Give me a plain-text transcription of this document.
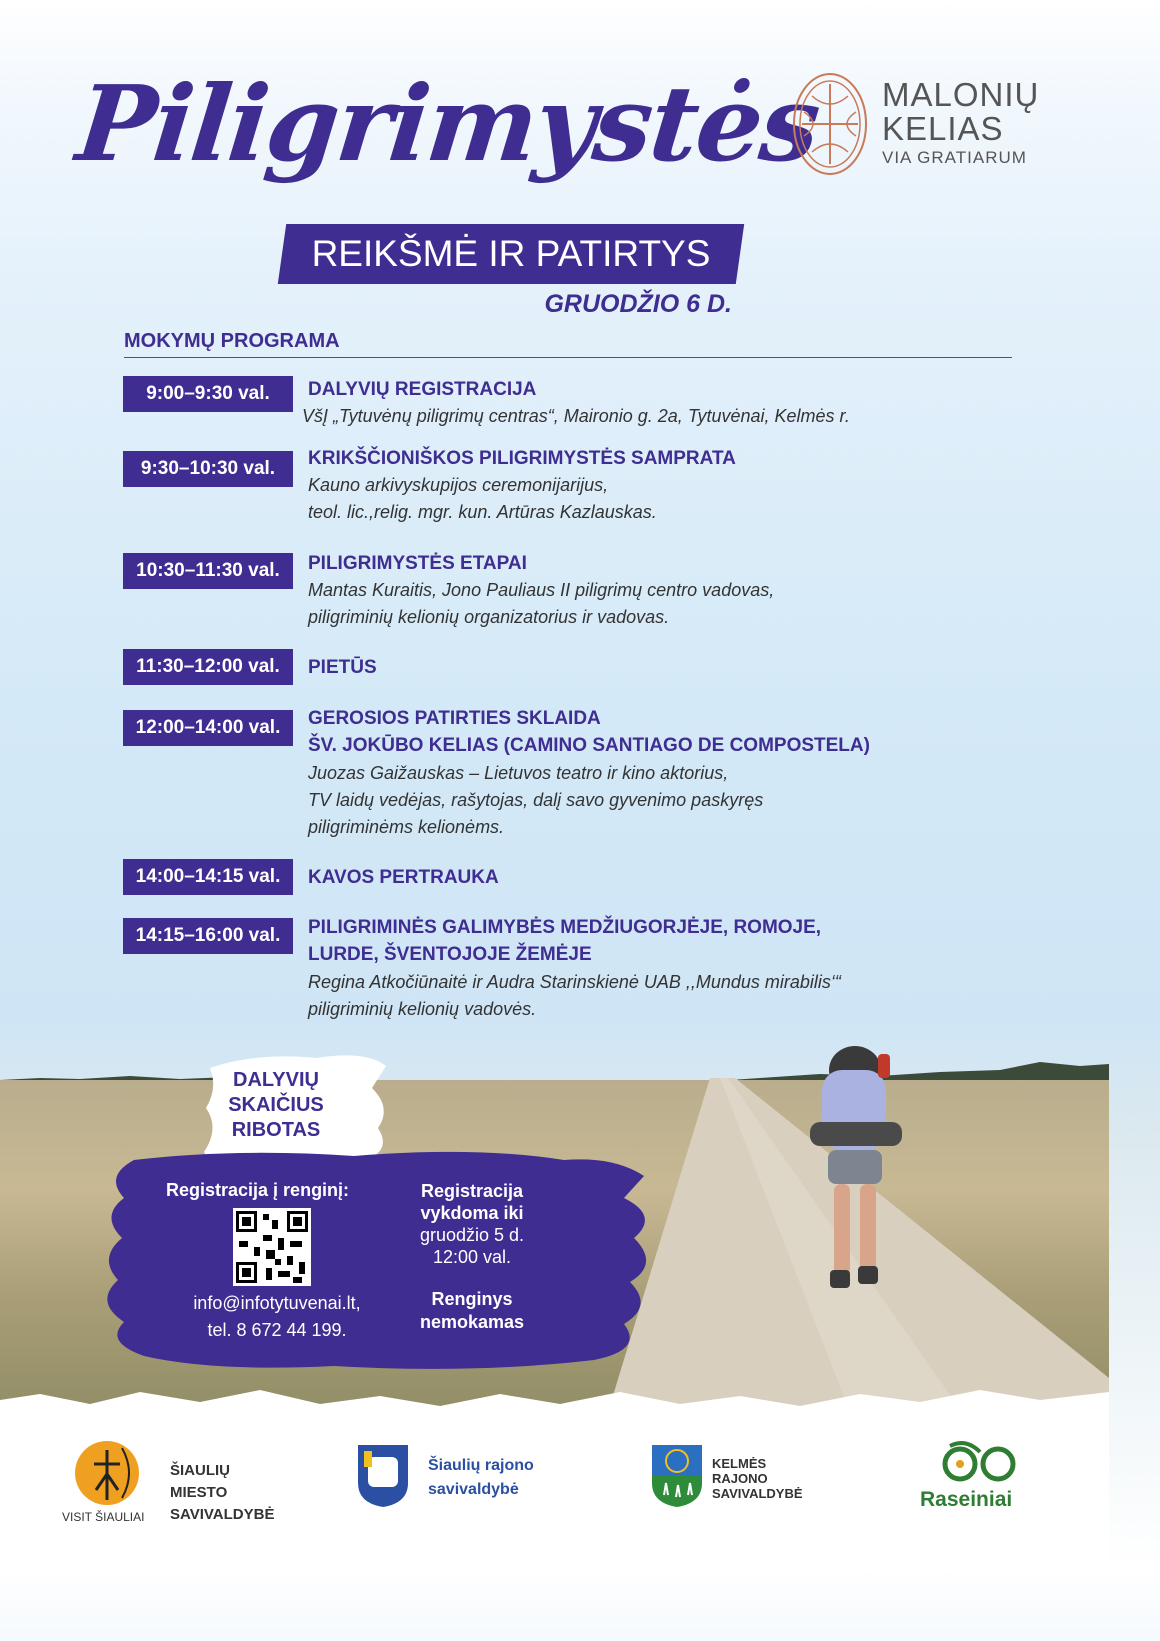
Piligrimystės
REIKŠMĖ IR PATIRTYS
GRUODŽIO 6 D.
MALONIŲ
KELIAS
VIA GRATIARUM
MOKYMŲ PROGRAMA
9:00–9:30 val.	DALYVIŲ REGISTRACIJA
VšĮ „Tytuvėnų piligrimų centras“, Maironio g. 2a, Tytuvėnai, Kelmės r.
9:30–10:30 val.	KRIKŠČIONIŠKOS PILIGRIMYSTĖS SAMPRATA
Kauno arkivyskupijos ceremonijarijus,
teol. lic.,relig. mgr. kun. Artūras Kazlauskas.
10:30–11:30 val.	PILIGRIMYSTĖS ETAPAI
Mantas Kuraitis, Jono Pauliaus II piligrimų centro vadovas,
piligriminių kelionių organizatorius ir vadovas.
11:30–12:00 val.	PIETŪS
12:00–14:00 val.	GEROSIOS PATIRTIES SKLAIDA
ŠV. JOKŪBO KELIAS (CAMINO SANTIAGO DE COMPOSTELA)
Juozas Gaižauskas – Lietuvos teatro ir kino aktorius,
TV laidų vedėjas, rašytojas, dalį savo gyvenimo paskyręs
piligriminėms kelionėms.
14:00–14:15 val.	KAVOS PERTRAUKA
14:15–16:00 val.	PILIGRIMINĖS GALIMYBĖS MEDŽIUGORJĖJE, ROMOJE,
LURDE, ŠVENTOJOJE ŽEMĖJE
Regina Atkočiūnaitė ir Audra Starinskienė UAB ,,Mundus mirabilis‘“
piligriminių kelionių vadovės.
DALYVIŲ
SKAIČIUS
RIBOTAS
Registracija į renginį:
info@infotytuvenai.lt,
tel. 8 672 44 199.
Registracija
vykdoma iki
gruodžio 5 d.
12:00 val.
Renginys
nemokamas
VISIT ŠIAULIAI
ŠIAULIŲ
MIESTO
SAVIVALDYBĖ
Šiaulių rajono
savivaldybė
KELMĖS
RAJONO
SAVIVALDYBĖ	Raseiniai
